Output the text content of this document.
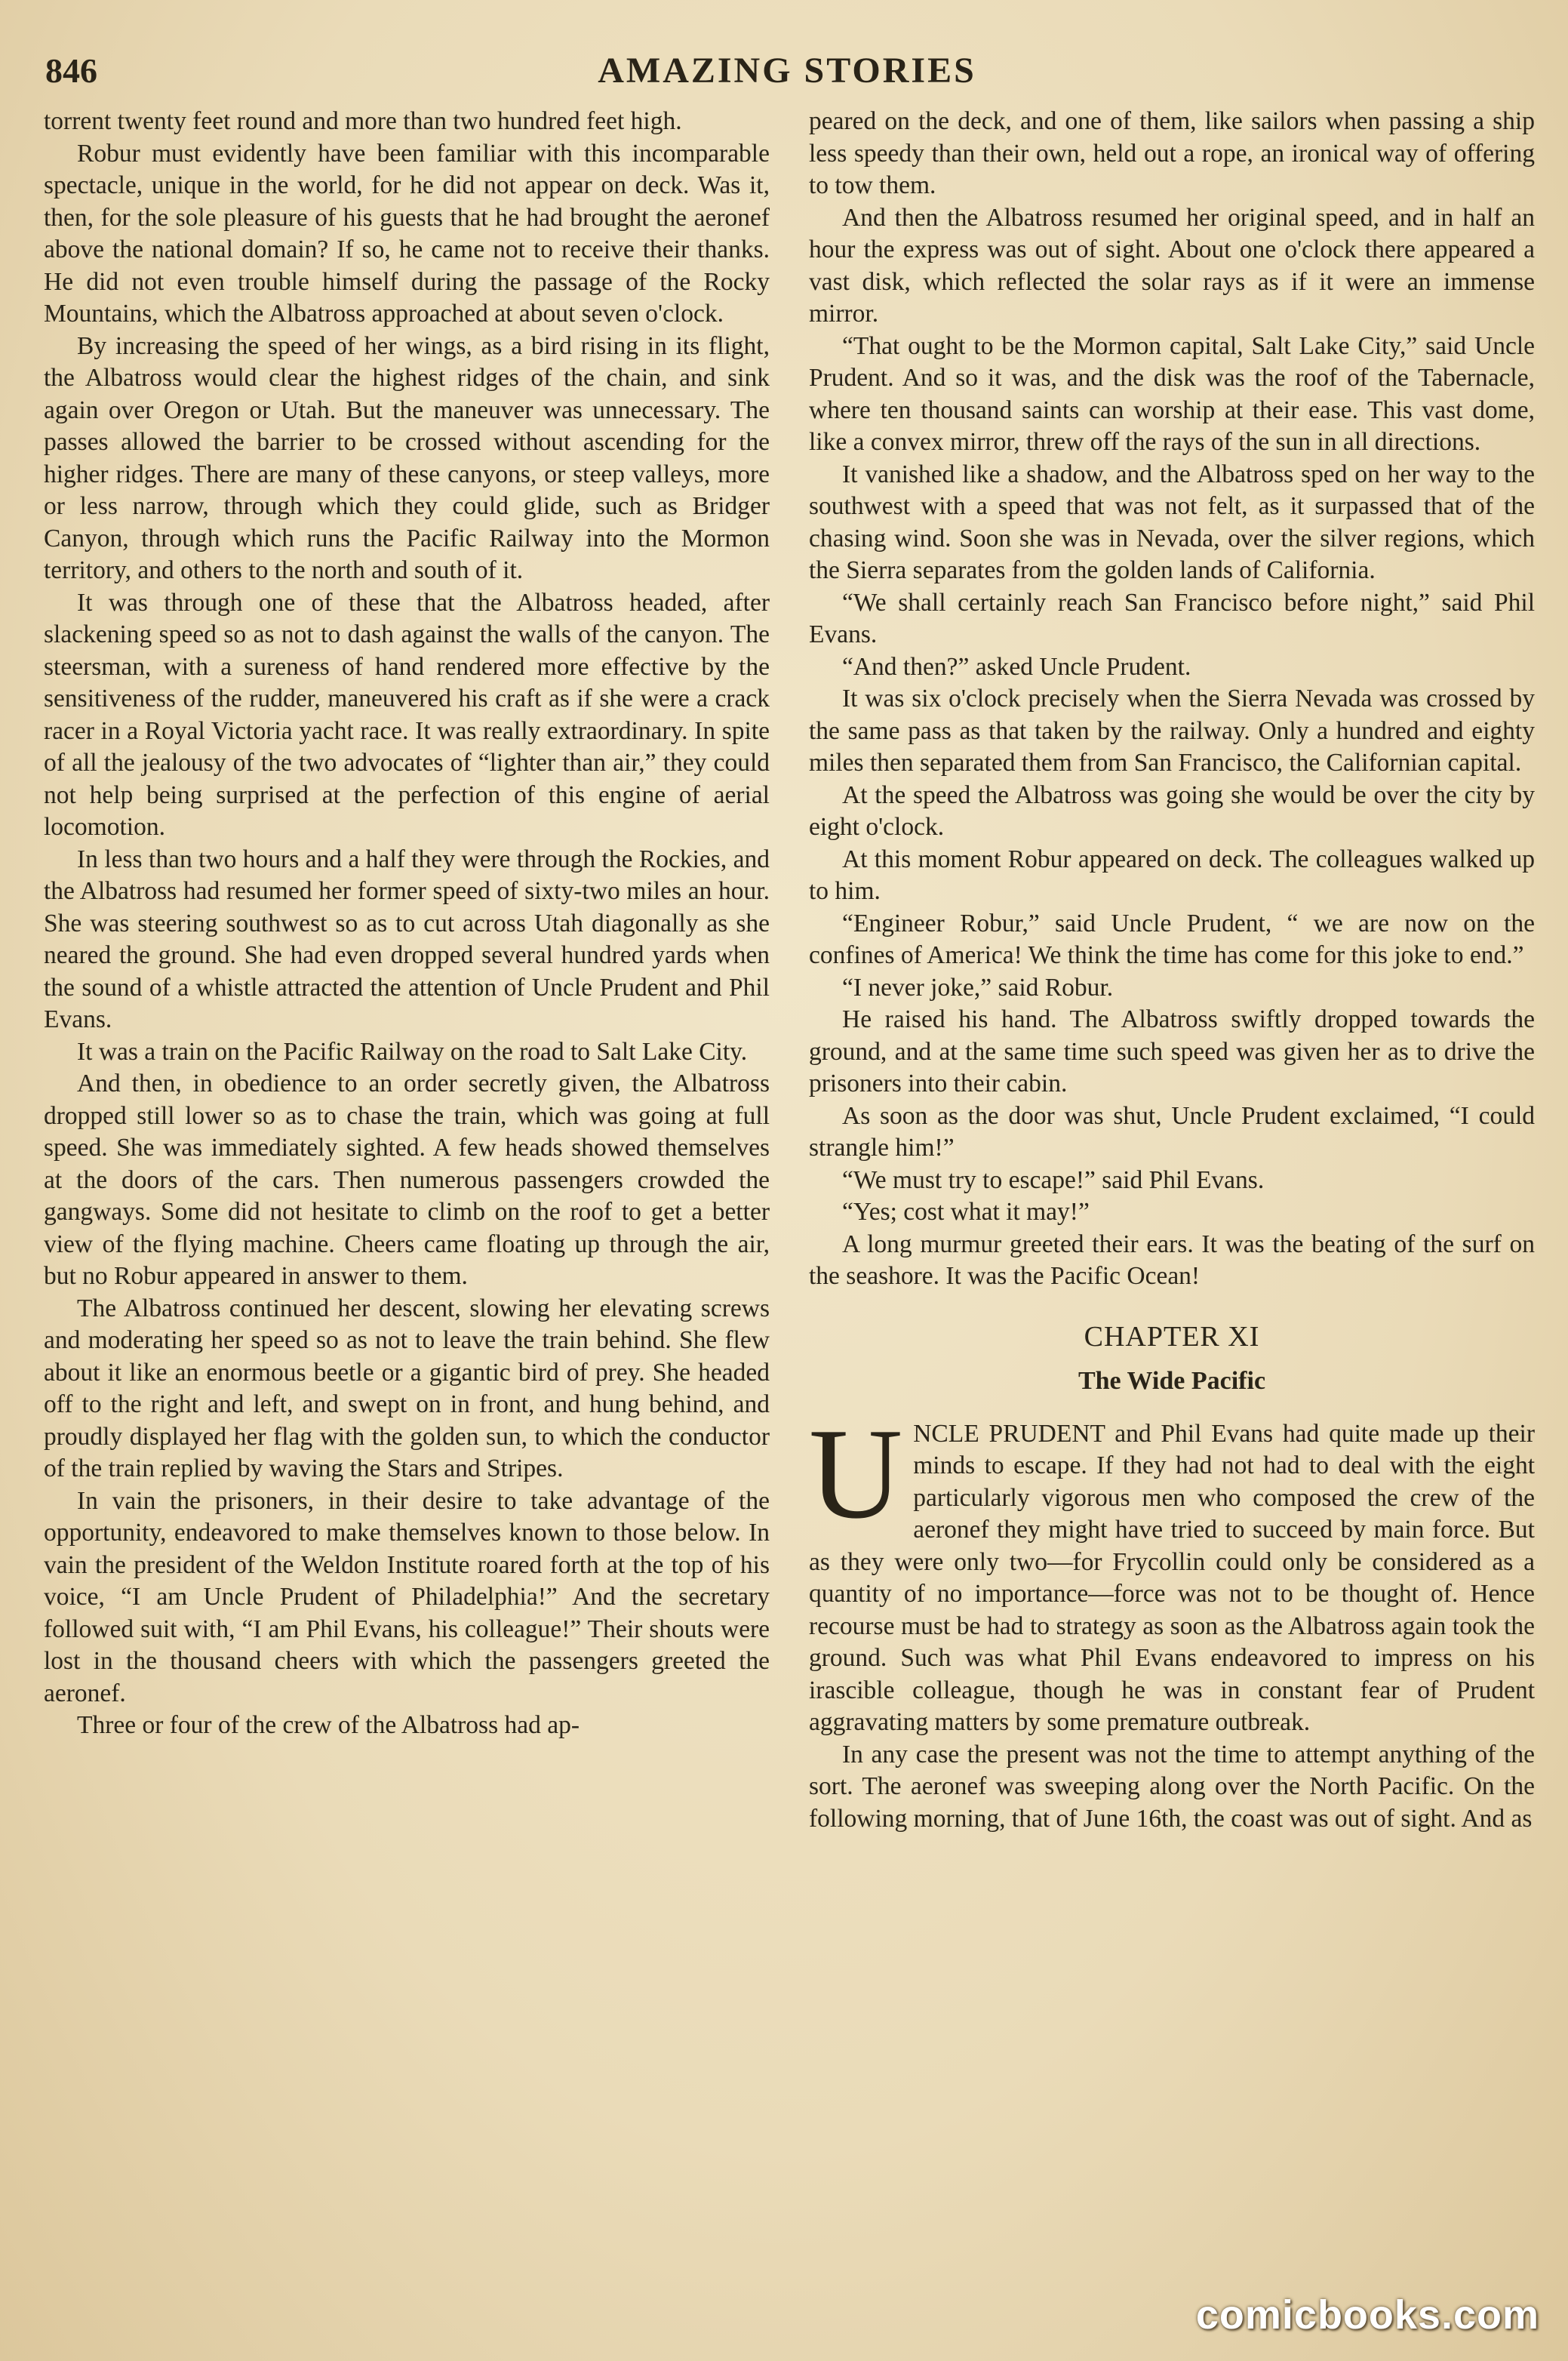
846	AMAZING STORIES

torrent twenty feet round and more than two hundred feet high.

Robur must evidently have been familiar with this incomparable spectacle, unique in the world, for he did not appear on deck. Was it, then, for the sole pleasure of his guests that he had brought the aeronef above the national domain? If so, he came not to receive their thanks. He did not even trouble himself during the passage of the Rocky Mountains, which the Albatross approached at about seven o'clock.

By increasing the speed of her wings, as a bird rising in its flight, the Albatross would clear the highest ridges of the chain, and sink again over Oregon or Utah. But the maneuver was unnecessary. The passes allowed the barrier to be crossed without ascending for the higher ridges. There are many of these canyons, or steep valleys, more or less narrow, through which they could glide, such as Bridger Canyon, through which runs the Pacific Railway into the Mormon territory, and others to the north and south of it.

It was through one of these that the Albatross headed, after slackening speed so as not to dash against the walls of the canyon. The steersman, with a sureness of hand rendered more effective by the sensitiveness of the rudder, maneuvered his craft as if she were a crack racer in a Royal Victoria yacht race. It was really extraordinary. In spite of all the jealousy of the two advocates of “lighter than air,” they could not help being surprised at the perfection of this engine of aerial locomotion.

In less than two hours and a half they were through the Rockies, and the Albatross had resumed her former speed of sixty-two miles an hour. She was steering southwest so as to cut across Utah diagonally as she neared the ground. She had even dropped several hundred yards when the sound of a whistle attracted the attention of Uncle Prudent and Phil Evans.

It was a train on the Pacific Railway on the road to Salt Lake City.

And then, in obedience to an order secretly given, the Albatross dropped still lower so as to chase the train, which was going at full speed. She was immediately sighted. A few heads showed themselves at the doors of the cars. Then numerous passengers crowded the gangways. Some did not hesitate to climb on the roof to get a better view of the flying machine. Cheers came floating up through the air, but no Robur appeared in answer to them.

The Albatross continued her descent, slowing her elevating screws and moderating her speed so as not to leave the train behind. She flew about it like an enormous beetle or a gigantic bird of prey. She headed off to the right and left, and swept on in front, and hung behind, and proudly displayed her flag with the golden sun, to which the conductor of the train replied by waving the Stars and Stripes.

In vain the prisoners, in their desire to take advantage of the opportunity, endeavored to make themselves known to those below. In vain the president of the Weldon Institute roared forth at the top of his voice, “I am Uncle Prudent of Philadelphia!” And the secretary followed suit with, “I am Phil Evans, his colleague!” Their shouts were lost in the thousand cheers with which the passengers greeted the aeronef.

Three or four of the crew of the Albatross had ap-

peared on the deck, and one of them, like sailors when passing a ship less speedy than their own, held out a rope, an ironical way of offering to tow them.

And then the Albatross resumed her original speed, and in half an hour the express was out of sight. About one o'clock there appeared a vast disk, which reflected the solar rays as if it were an immense mirror.

“That ought to be the Mormon capital, Salt Lake City,” said Uncle Prudent. And so it was, and the disk was the roof of the Tabernacle, where ten thousand saints can worship at their ease. This vast dome, like a convex mirror, threw off the rays of the sun in all directions.

It vanished like a shadow, and the Albatross sped on her way to the southwest with a speed that was not felt, as it surpassed that of the chasing wind. Soon she was in Nevada, over the silver regions, which the Sierra separates from the golden lands of California.

“We shall certainly reach San Francisco before night,” said Phil Evans.

“And then?” asked Uncle Prudent.

It was six o'clock precisely when the Sierra Nevada was crossed by the same pass as that taken by the railway. Only a hundred and eighty miles then separated them from San Francisco, the Californian capital.

At the speed the Albatross was going she would be over the city by eight o'clock.

At this moment Robur appeared on deck. The colleagues walked up to him.

“Engineer Robur,” said Uncle Prudent, “ we are now on the confines of America! We think the time has come for this joke to end.”

“I never joke,” said Robur.

He raised his hand. The Albatross swiftly dropped towards the ground, and at the same time such speed was given her as to drive the prisoners into their cabin.

As soon as the door was shut, Uncle Prudent exclaimed, “I could strangle him!”

“We must try to escape!” said Phil Evans.

“Yes; cost what it may!”

A long murmur greeted their ears. It was the beating of the surf on the seashore. It was the Pacific Ocean!

CHAPTER XI
The Wide Pacific

UNCLE PRUDENT and Phil Evans had quite made up their minds to escape. If they had not had to deal with the eight particularly vigorous men who composed the crew of the aeronef they might have tried to succeed by main force. But as they were only two—for Frycollin could only be considered as a quantity of no importance—force was not to be thought of. Hence recourse must be had to strategy as soon as the Albatross again took the ground. Such was what Phil Evans endeavored to impress on his irascible colleague, though he was in constant fear of Prudent aggravating matters by some premature outbreak.

In any case the present was not the time to attempt anything of the sort. The aeronef was sweeping along over the North Pacific. On the following morning, that of June 16th, the coast was out of sight. And as

comicbooks.com
